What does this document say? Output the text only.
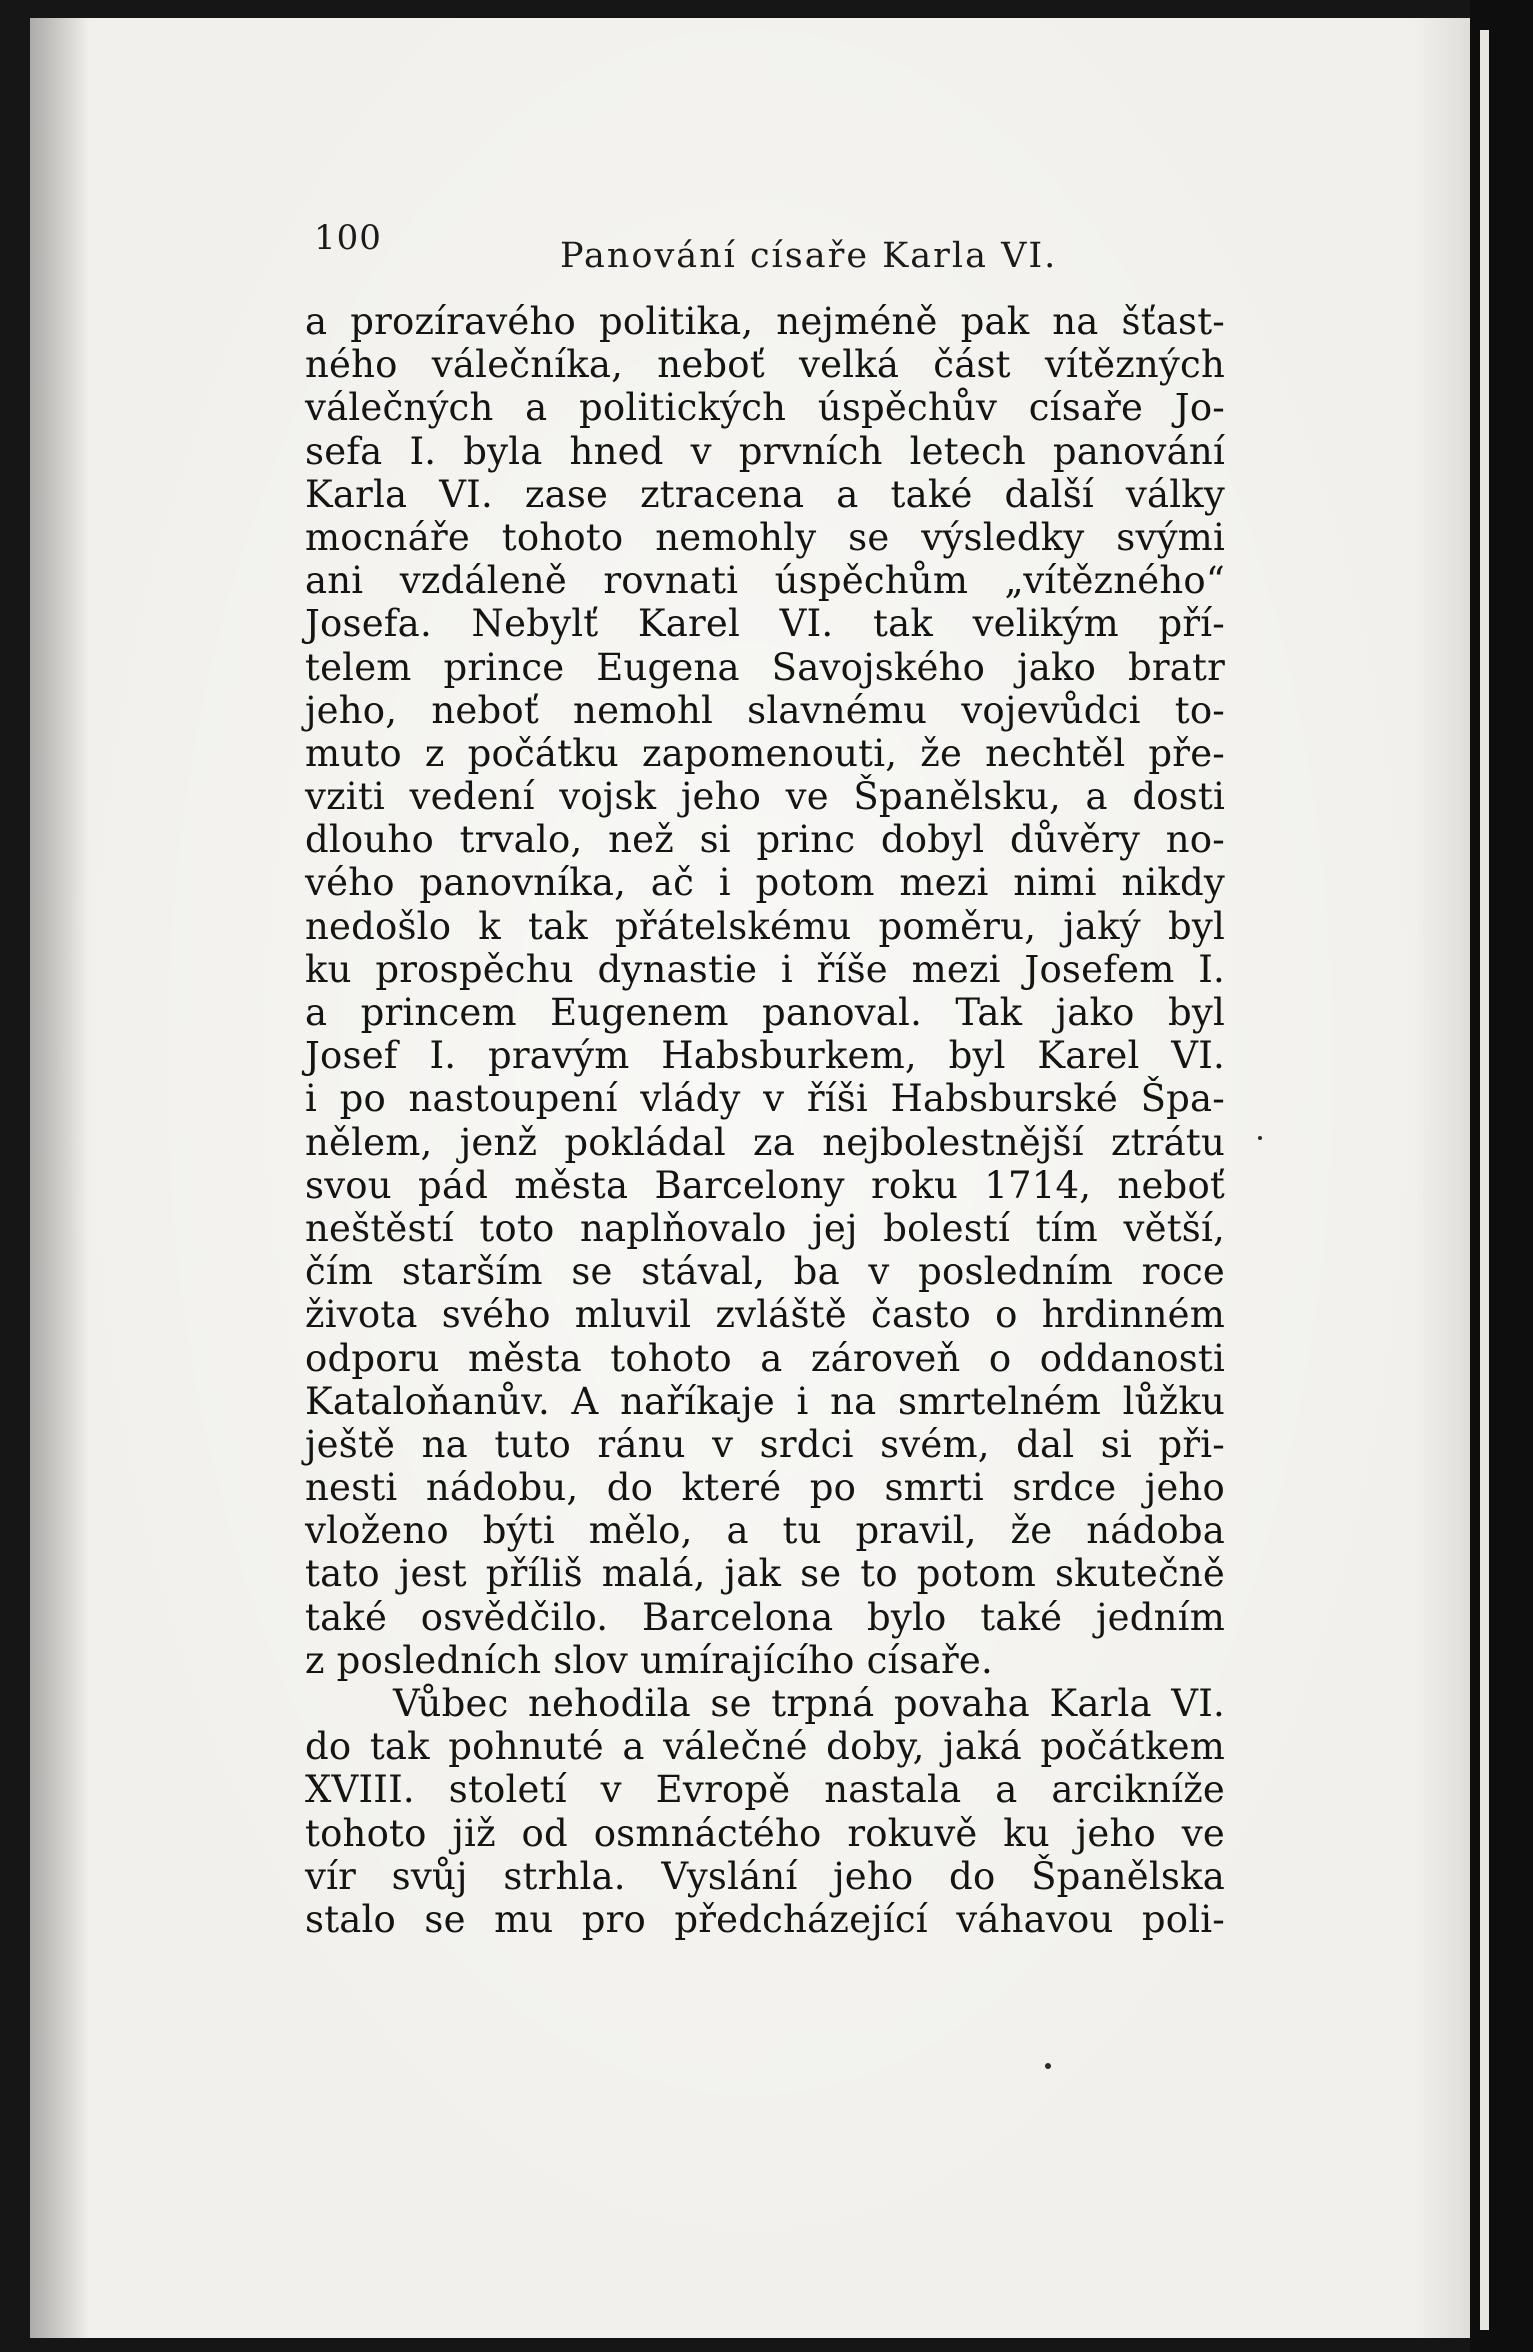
100	Panování císaře Karla VI.
a prozíravého politika, nejméně pak na šťast-
ného válečníka, neboť velká část vítězných
válečných a politických úspěchův císaře Jo-
sefa I. byla hned v prvních letech panování
Karla VI. zase ztracena a také další války
mocnáře tohoto nemohly se výsledky svými
ani vzdáleně rovnati úspěchům „vítězného“
Josefa. Nebylť Karel VI. tak velikým pří-
telem prince Eugena Savojského jako bratr
jeho, neboť nemohl slavnému vojevůdci to-
muto z počátku zapomenouti, že nechtěl pře-
vziti vedení vojsk jeho ve Španělsku, a dosti
dlouho trvalo, než si princ dobyl důvěry no-
vého panovníka, ač i potom mezi nimi nikdy
nedošlo k tak přátelskému poměru, jaký byl
ku prospěchu dynastie i říše mezi Josefem I.
a princem Eugenem panoval. Tak jako byl
Josef I. pravým Habsburkem, byl Karel VI.
i po nastoupení vlády v říši Habsburské Špa-
nělem, jenž pokládal za nejbolestnější ztrátu
svou pád města Barcelony roku 1714, neboť
neštěstí toto naplňovalo jej bolestí tím větší,
čím starším se stával, ba v posledním roce
života svého mluvil zvláště často o hrdinném
odporu města tohoto a zároveň o oddanosti
Kataloňanův. A naříkaje i na smrtelném lůžku
ještě na tuto ránu v srdci svém, dal si při-
nesti nádobu, do které po smrti srdce jeho
vloženo býti mělo, a tu pravil, že nádoba
tato jest příliš malá, jak se to potom skutečně
také osvědčilo. Barcelona bylo také jedním
z posledních slov umírajícího císaře.
Vůbec nehodila se trpná povaha Karla VI.
do tak pohnuté a válečné doby, jaká počátkem
XVIII. století v Evropě nastala a arcikníže
tohoto již od osmnáctého rokuvě ku jeho ve
vír svůj strhla. Vyslání jeho do Španělska
stalo se mu pro předcházející váhavou poli-
